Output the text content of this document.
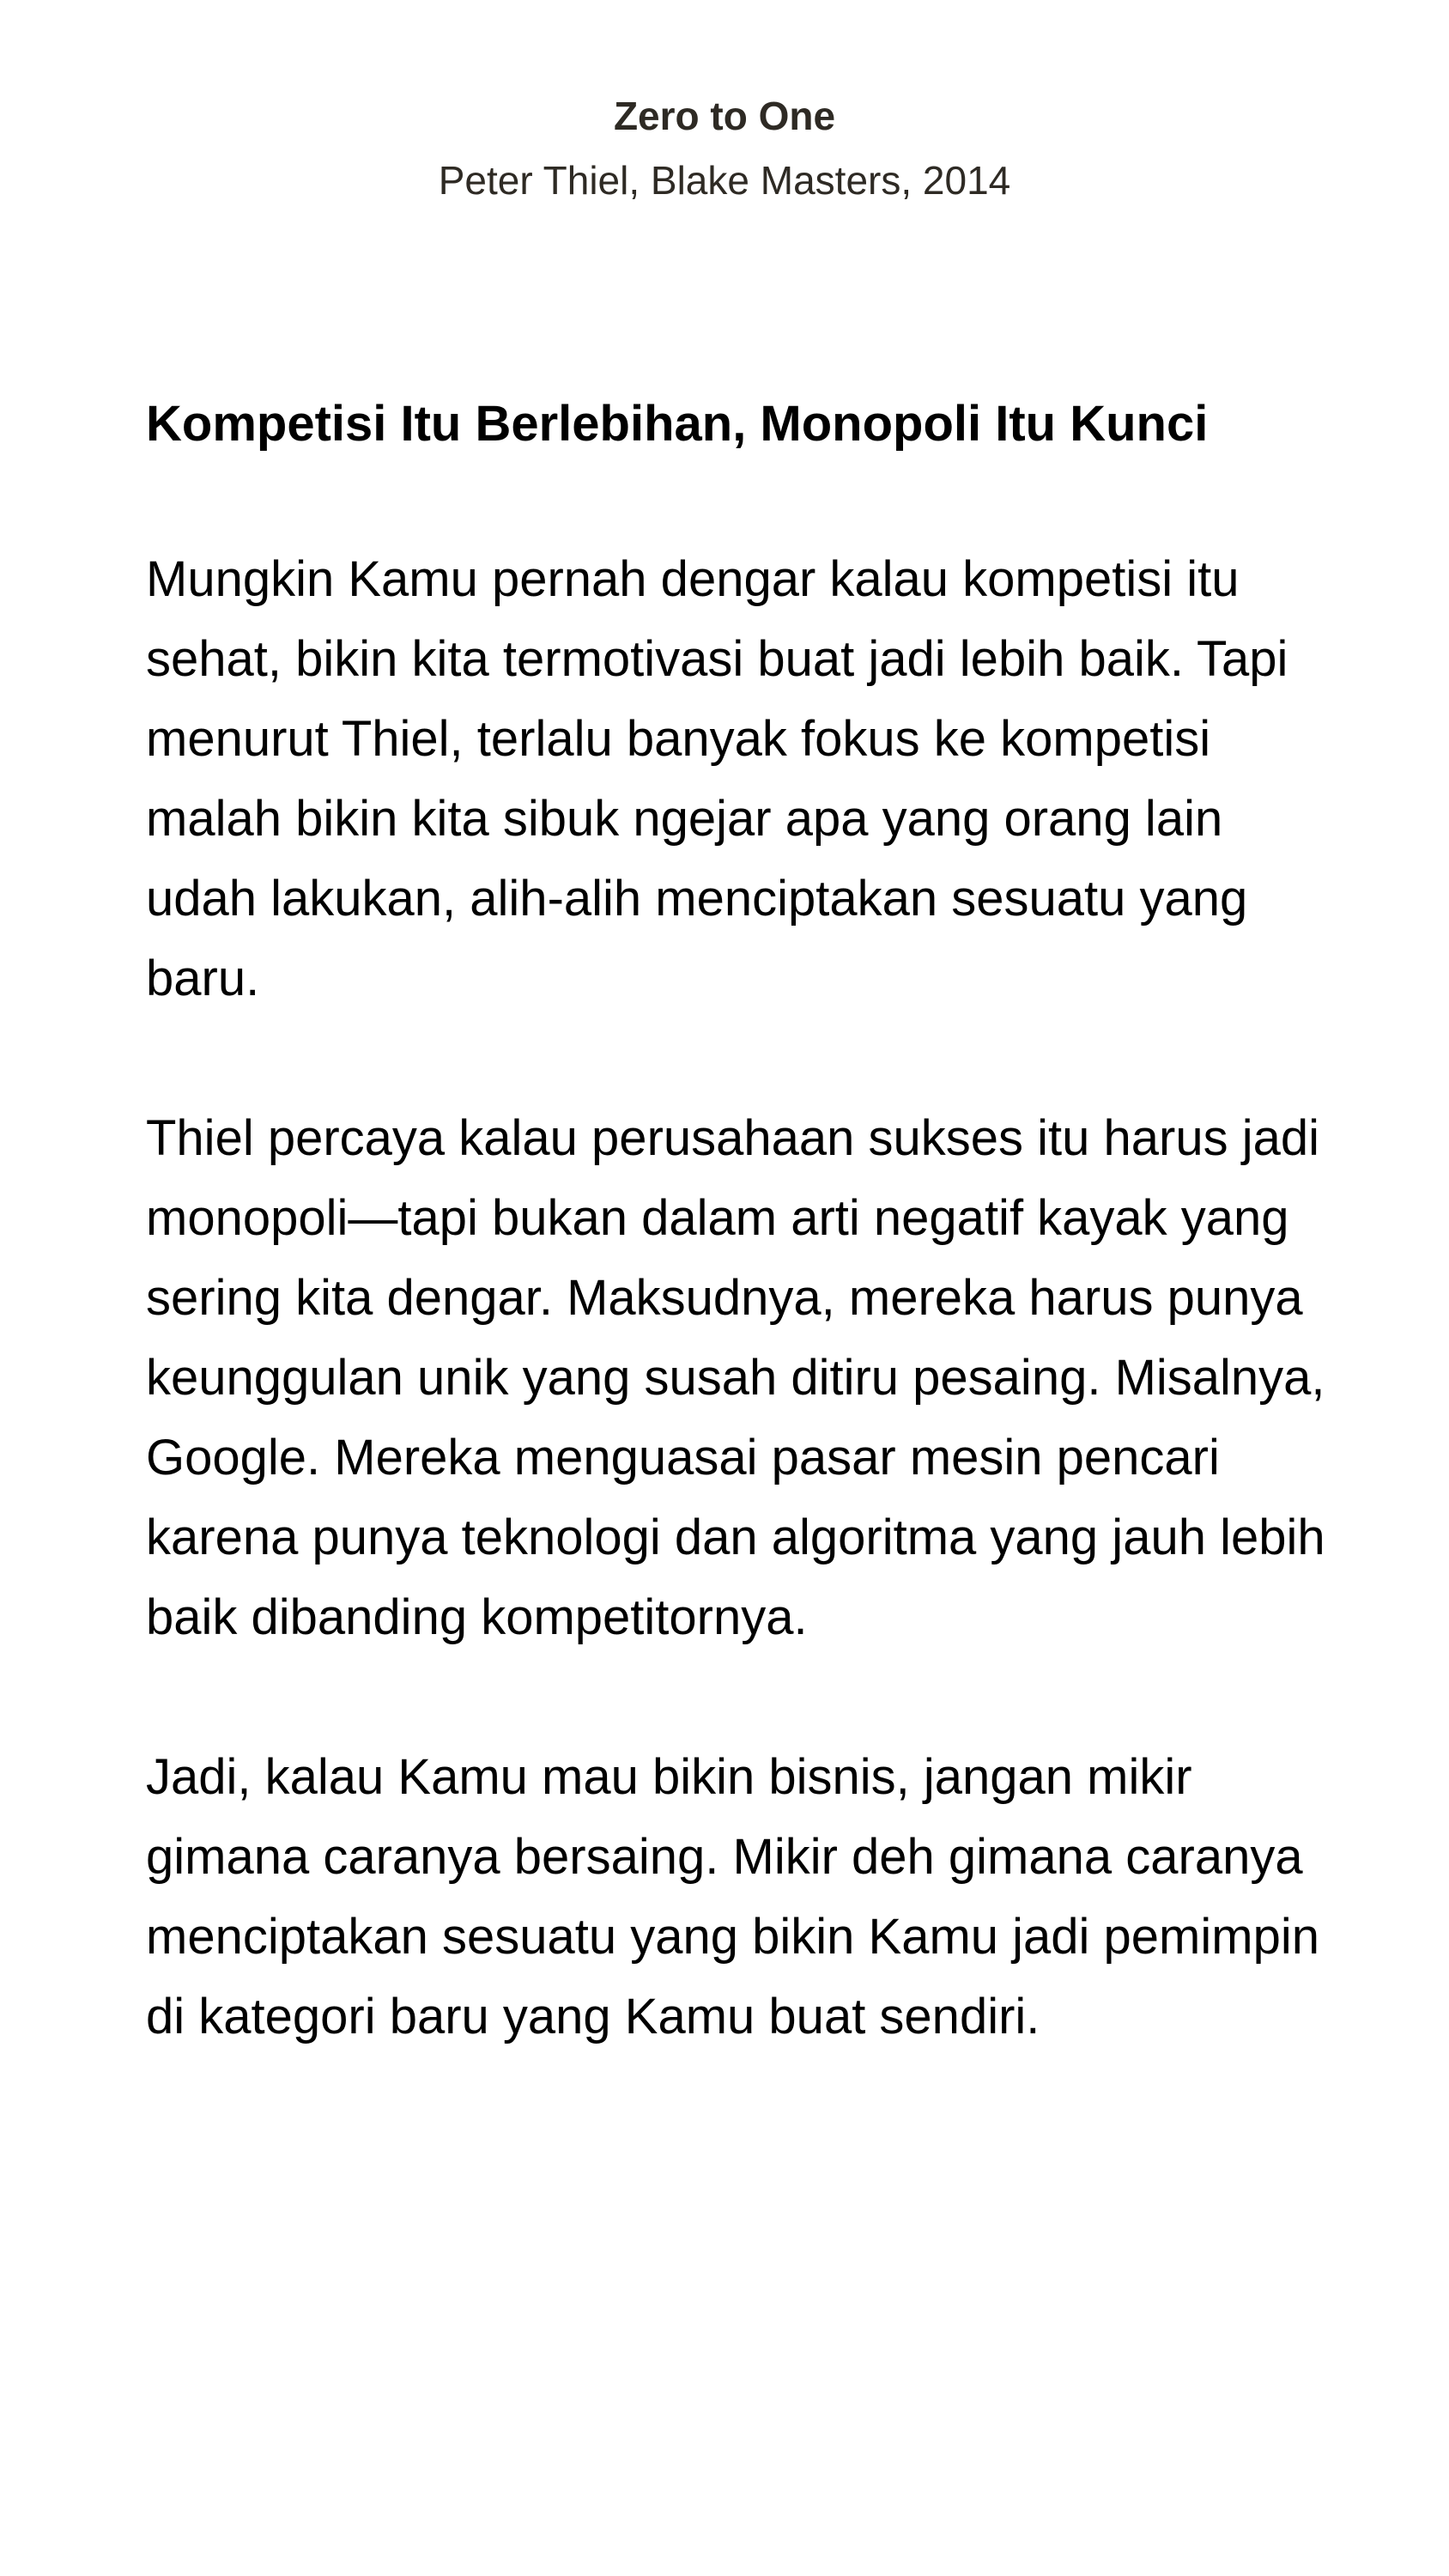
Zero to One

Peter Thiel, Blake Masters, 2014

Kompetisi Itu Berlebihan, Monopoli Itu Kunci

Mungkin Kamu pernah dengar kalau kompetisi itu sehat, bikin kita termotivasi buat jadi lebih baik. Tapi menurut Thiel, terlalu banyak fokus ke kompetisi malah bikin kita sibuk ngejar apa yang orang lain udah lakukan, alih-alih menciptakan sesuatu yang baru.

Thiel percaya kalau perusahaan sukses itu harus jadi monopoli—tapi bukan dalam arti negatif kayak yang sering kita dengar. Maksudnya, mereka harus punya keunggulan unik yang susah ditiru pesaing. Misalnya, Google. Mereka menguasai pasar mesin pencari karena punya teknologi dan algoritma yang jauh lebih baik dibanding kompetitornya.

Jadi, kalau Kamu mau bikin bisnis, jangan mikir gimana caranya bersaing. Mikir deh gimana caranya menciptakan sesuatu yang bikin Kamu jadi pemimpin di kategori baru yang Kamu buat sendiri.
